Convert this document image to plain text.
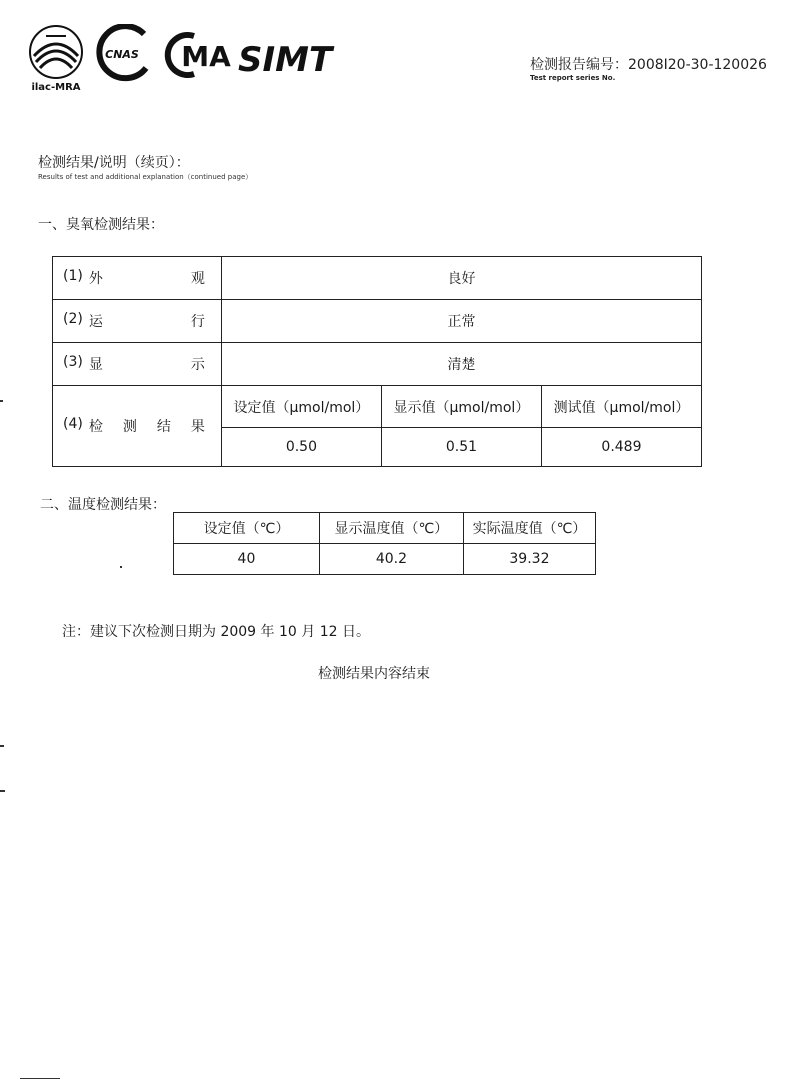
ilac-MRA
CNAS MA SIMT	检测报告编号：2008I20-30-120026
Test report series No.
检测结果/说明（续页）：
Results of test and additional explanation（continued page）
一、臭氧检测结果：
(1) 外 观	良好		

(2) 运 行	正常		

(3) 显 示	清楚		

(4) 检 测 结 果	设定值（μmol/mol）	显示值（μmol/mol）	测试值（μmol/mol）
	0.50	0.51	0.489
二、温度检测结果：
设定值（℃）	显示温度值（℃）	实际温度值（℃）
40	40.2	39.32
注：建议下次检测日期为 2009 年 10 月 12 日。
检测结果内容结束
